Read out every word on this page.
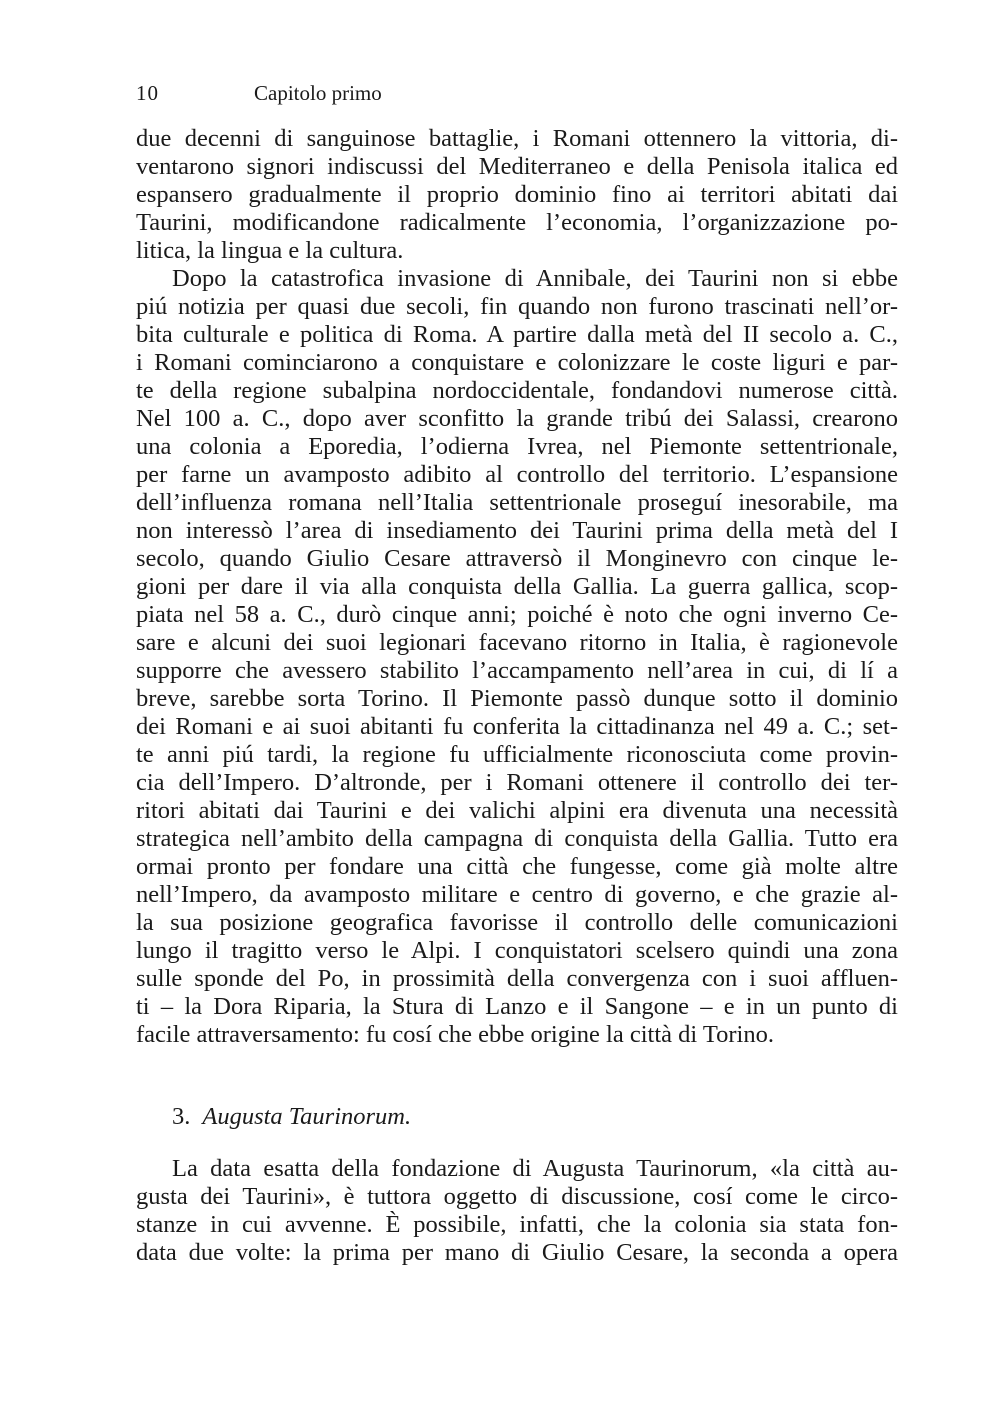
10	Capitolo primo
due decenni di sanguinose battaglie, i Romani ottennero la vittoria, di-
ventarono signori indiscussi del Mediterraneo e della Penisola italica ed
espansero gradualmente il proprio dominio fino ai territori abitati dai
Taurini, modificandone radicalmente l’economia, l’organizzazione po-
litica, la lingua e la cultura.
Dopo la catastrofica invasione di Annibale, dei Taurini non si ebbe
piú notizia per quasi due secoli, fin quando non furono trascinati nell’or-
bita culturale e politica di Roma. A partire dalla metà del II secolo a. C.,
i Romani cominciarono a conquistare e colonizzare le coste liguri e par-
te della regione subalpina nordoccidentale, fondandovi numerose città.
Nel 100 a. C., dopo aver sconfitto la grande tribú dei Salassi, crearono
una colonia a Eporedia, l’odierna Ivrea, nel Piemonte settentrionale,
per farne un avamposto adibito al controllo del territorio. L’espansione
dell’influenza romana nell’Italia settentrionale proseguí inesorabile, ma
non interessò l’area di insediamento dei Taurini prima della metà del I
secolo, quando Giulio Cesare attraversò il Monginevro con cinque le-
gioni per dare il via alla conquista della Gallia. La guerra gallica, scop-
piata nel 58 a. C., durò cinque anni; poiché è noto che ogni inverno Ce-
sare e alcuni dei suoi legionari facevano ritorno in Italia, è ragionevole
supporre che avessero stabilito l’accampamento nell’area in cui, di lí a
breve, sarebbe sorta Torino. Il Piemonte passò dunque sotto il dominio
dei Romani e ai suoi abitanti fu conferita la cittadinanza nel 49 a. C.; set-
te anni piú tardi, la regione fu ufficialmente riconosciuta come provin-
cia dell’Impero. D’altronde, per i Romani ottenere il controllo dei ter-
ritori abitati dai Taurini e dei valichi alpini era divenuta una necessità
strategica nell’ambito della campagna di conquista della Gallia. Tutto era
ormai pronto per fondare una città che fungesse, come già molte altre
nell’Impero, da avamposto militare e centro di governo, e che grazie al-
la sua posizione geografica favorisse il controllo delle comunicazioni
lungo il tragitto verso le Alpi. I conquistatori scelsero quindi una zona
sulle sponde del Po, in prossimità della convergenza con i suoi affluen-
ti – la Dora Riparia, la Stura di Lanzo e il Sangone – e in un punto di
facile attraversamento: fu cosí che ebbe origine la città di Torino.
3. Augusta Taurinorum.
La data esatta della fondazione di Augusta Taurinorum, «la città au-
gusta dei Taurini», è tuttora oggetto di discussione, cosí come le circo-
stanze in cui avvenne. È possibile, infatti, che la colonia sia stata fon-
data due volte: la prima per mano di Giulio Cesare, la seconda a opera
